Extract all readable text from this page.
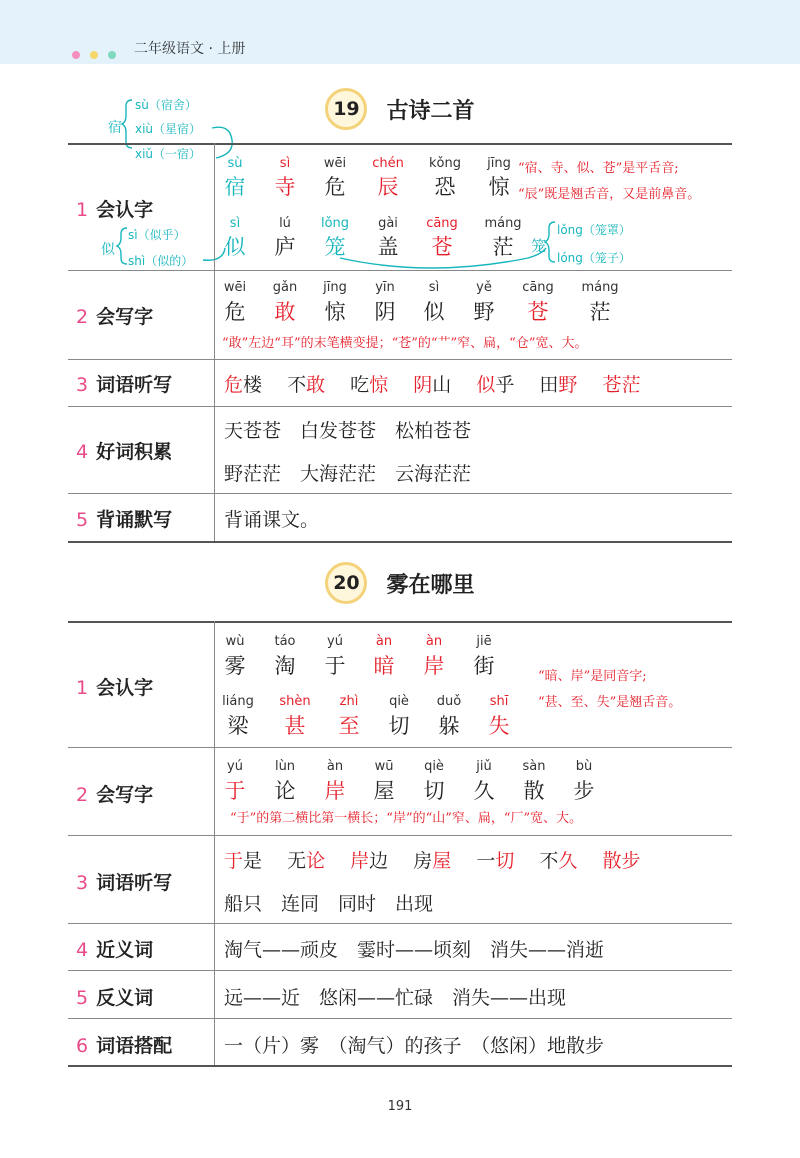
二年级语文 · 上册
19 古诗二首
宿
sù（宿舍）
xiù（星宿）
xiǔ（一宿）
似
sì（似乎）
shì（似的）
笼
lǒng（笼罩）
lóng（笼子）
1 会认字
2 会写字
3 词语听写
4 好词积累
5 背诵默写
sù
宿
sì
寺
wēi
危
chén
辰
kǒng
恐
jīng
惊
“宿、寺、似、苍”是平舌音;
“辰”既是翘舌音，又是前鼻音。
sì
似
lú
庐
lǒng
笼
gài
盖
cāng
苍
máng
茫
wēi
危
gǎn
敢
jīng
惊
yīn
阴
sì
似
yě
野
cāng
苍
máng
茫
“敢”左边“耳”的末笔横变提；“苍”的“艹”窄、扁，“仓”宽、大。
危楼　 不敢　 吃惊　 阴山　 似乎　 田野　 苍茫
天苍苍　白发苍苍　松柏苍苍
野茫茫　大海茫茫　云海茫茫
背诵课文。
20 雾在哪里
1 会认字
2 会写字
3 词语听写
4 近义词
5 反义词
6 词语搭配
wù
雾
táo
淘
yú
于
àn
暗
àn
岸
jiē
街	“暗、岸”是同音字;
“甚、至、失”是翘舌音。
liáng
梁
shèn
甚
zhì
至
qiè
切
duǒ
躲
shī
失
yú
于
lùn
论
àn
岸
wū
屋
qiè
切
jiǔ
久
sàn
散
bù
步
“于”的第二横比第一横长；“岸”的“山”窄、扁，“厂”宽、大。
于是　 无论　 岸边　 房屋　 一切　 不久　 散步
船只　连同　同时　出现
淘气——顽皮　霎时——顷刻　消失——消逝
远——近　悠闲——忙碌　消失——出现
一（片）雾　（淘气）的孩子　（悠闲）地散步
191
